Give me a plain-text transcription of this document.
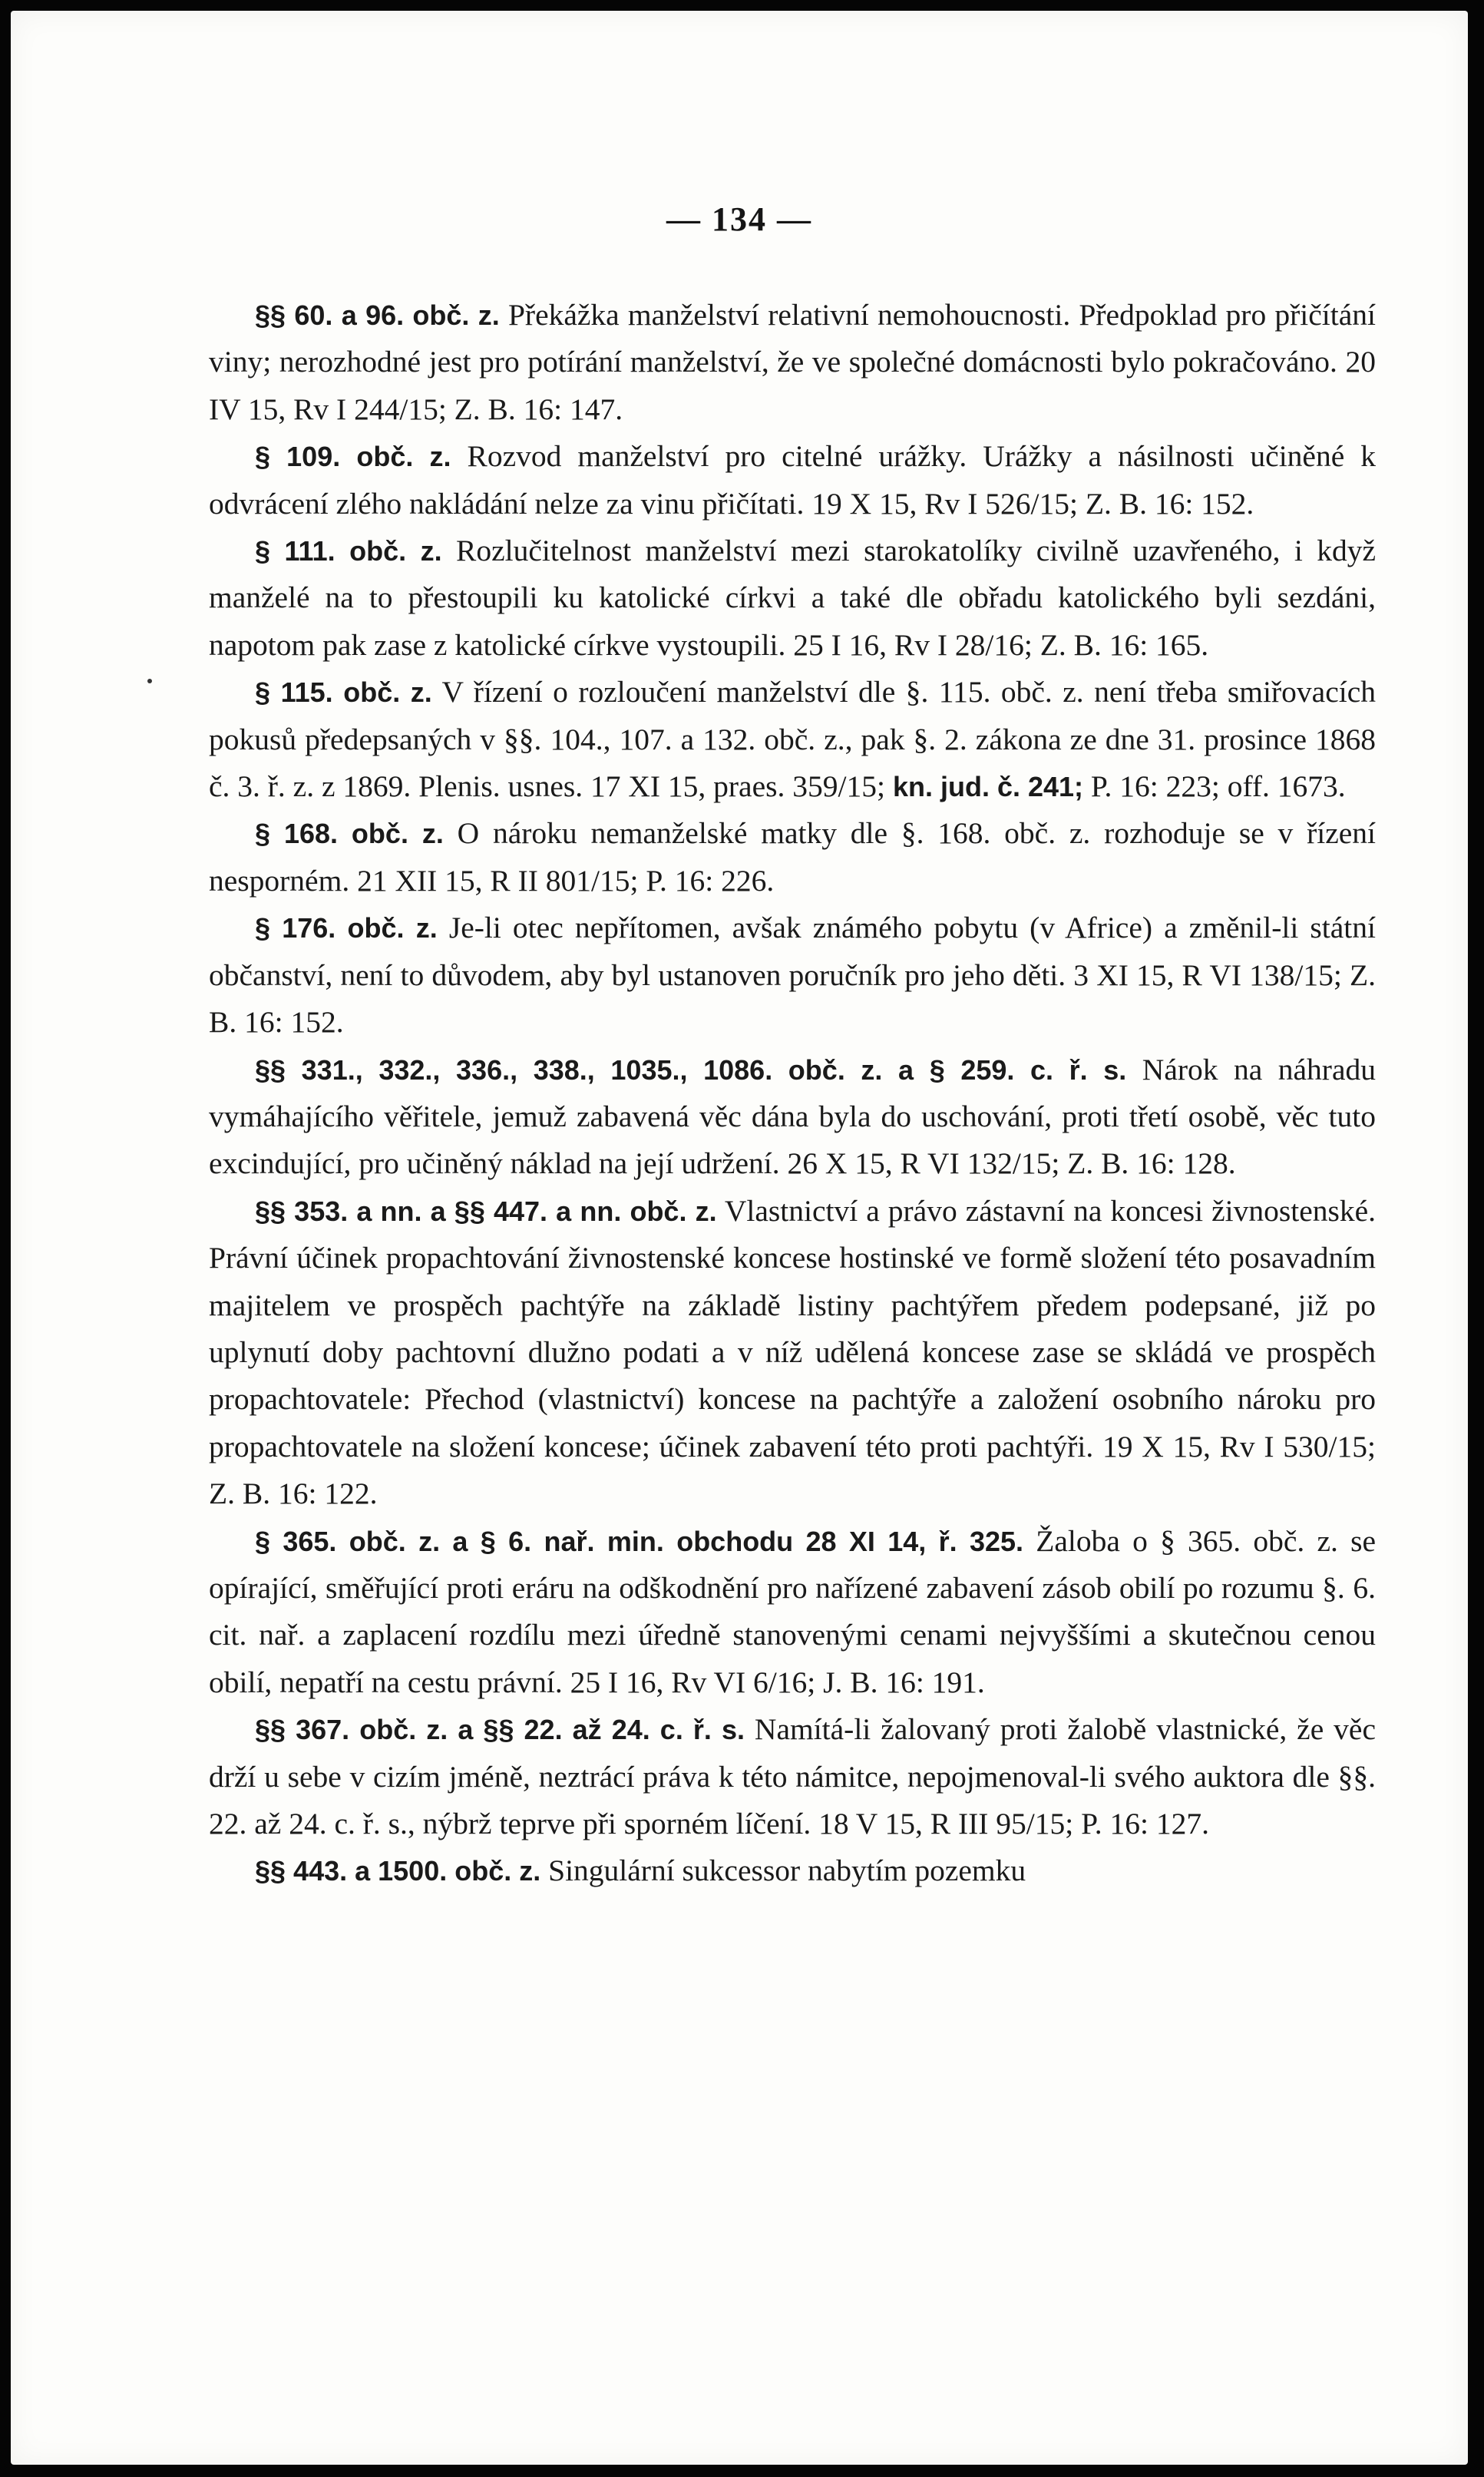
— 134 —

§§ 60. a 96. obč. z. Překážka manželství relativní nemohoucnosti. Předpoklad pro přičítání viny; nerozhodné jest pro potírání manželství, že ve společné domácnosti bylo pokračováno. 20 IV 15, Rv I 244/15; Z. B. 16: 147.

§ 109. obč. z. Rozvod manželství pro citelné urážky. Urážky a násilnosti učiněné k odvrácení zlého nakládání nelze za vinu přičítati. 19 X 15, Rv I 526/15; Z. B. 16: 152.

§ 111. obč. z. Rozlučitelnost manželství mezi starokatolíky civilně uzavřeného, i když manželé na to přestoupili ku katolické církvi a také dle obřadu katolického byli sezdáni, napotom pak zase z katolické církve vystoupili. 25 I 16, Rv I 28/16; Z. B. 16: 165.

§ 115. obč. z. V řízení o rozloučení manželství dle §. 115. obč. z. není třeba smiřovacích pokusů předepsaných v §§. 104., 107. a 132. obč. z., pak §. 2. zákona ze dne 31. prosince 1868 č. 3. ř. z. z 1869. Plenis. usnes. 17 XI 15, praes. 359/15; kn. jud. č. 241; P. 16: 223; off. 1673.

§ 168. obč. z. O nároku nemanželské matky dle §. 168. obč. z. rozhoduje se v řízení nesporném. 21 XII 15, R II 801/15; P. 16: 226.

§ 176. obč. z. Je-li otec nepřítomen, avšak známého pobytu (v Africe) a změnil-li státní občanství, není to důvodem, aby byl ustanoven poručník pro jeho děti. 3 XI 15, R VI 138/15; Z. B. 16: 152.

§§ 331., 332., 336., 338., 1035., 1086. obč. z. a § 259. c. ř. s. Nárok na náhradu vymáhajícího věřitele, jemuž zabavená věc dána byla do uschování, proti třetí osobě, věc tuto excindující, pro učiněný náklad na její udržení. 26 X 15, R VI 132/15; Z. B. 16: 128.

§§ 353. a nn. a §§ 447. a nn. obč. z. Vlastnictví a právo zástavní na koncesi živnostenské. Právní účinek propachtování živnostenské koncese hostinské ve formě složení této posavadním majitelem ve prospěch pachtýře na základě listiny pachtýřem předem podepsané, již po uplynutí doby pachtovní dlužno podati a v níž udělená koncese zase se skládá ve prospěch propachtovatele: Přechod (vlastnictví) koncese na pachtýře a založení osobního nároku pro propachtovatele na složení koncese; účinek zabavení této proti pachtýři. 19 X 15, Rv I 530/15; Z. B. 16: 122.

§ 365. obč. z. a § 6. nař. min. obchodu 28 XI 14, ř. 325. Žaloba o § 365. obč. z. se opírající, směřující proti eráru na odškodnění pro nařízené zabavení zásob obilí po rozumu §. 6. cit. nař. a zaplacení rozdílu mezi úředně stanovenými cenami nejvyššími a skutečnou cenou obilí, nepatří na cestu právní. 25 I 16, Rv VI 6/16; J. B. 16: 191.

§§ 367. obč. z. a §§ 22. až 24. c. ř. s. Namítá-li žalovaný proti žalobě vlastnické, že věc drží u sebe v cizím jméně, neztrácí práva k této námitce, nepojmenoval-li svého auktora dle §§. 22. až 24. c. ř. s., nýbrž teprve při sporném líčení. 18 V 15, R III 95/15; P. 16: 127.

§§ 443. a 1500. obč. z. Singulární sukcessor nabytím pozemku
